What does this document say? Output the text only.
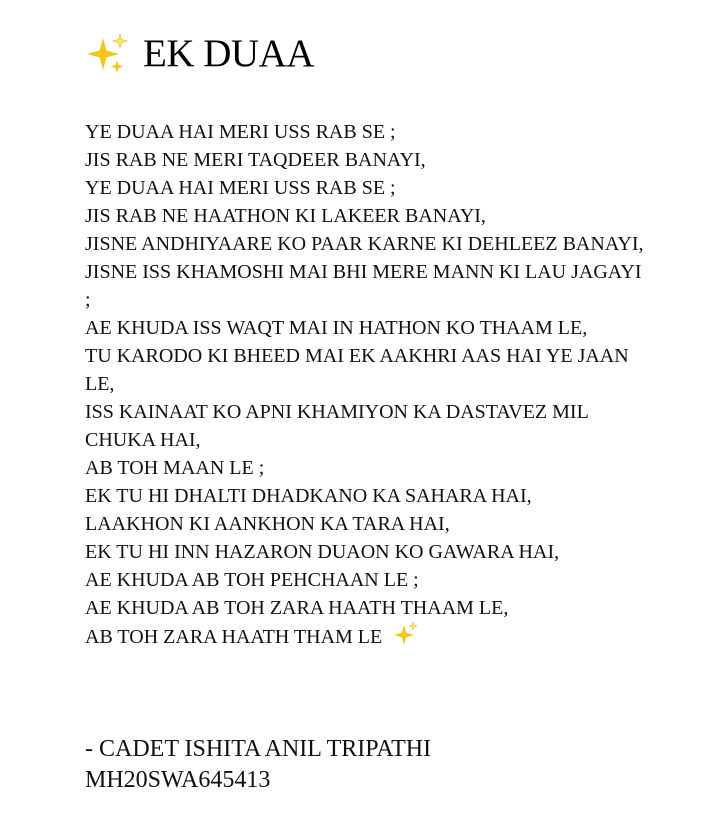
EK DUAA
YE DUAA HAI MERI USS RAB SE ;
JIS RAB NE MERI TAQDEER BANAYI,
YE DUAA HAI MERI USS RAB SE ;
JIS RAB NE HAATHON KI LAKEER BANAYI,
JISNE ANDHIYAARE KO PAAR KARNE KI DEHLEEZ BANAYI,
JISNE ISS KHAMOSHI MAI BHI MERE MANN KI LAU JAGAYI ;
AE KHUDA ISS WAQT MAI IN HATHON KO THAAM LE,
TU KARODO KI BHEED MAI EK AAKHRI AAS HAI YE JAAN LE,
ISS KAINAAT KO APNI KHAMIYON KA DASTAVEZ MIL CHUKA HAI,
AB TOH MAAN LE ;
EK TU HI DHALTI DHADKANO KA SAHARA HAI,
LAAKHON KI AANKHON KA TARA HAI,
EK TU HI INN HAZARON DUAON KO GAWARA HAI,
AE KHUDA AB TOH PEHCHAAN LE ;
AE KHUDA AB TOH ZARA HAATH THAAM LE,
AB TOH ZARA HAATH THAM LE
- CADET ISHITA ANIL TRIPATHI
MH20SWA645413
